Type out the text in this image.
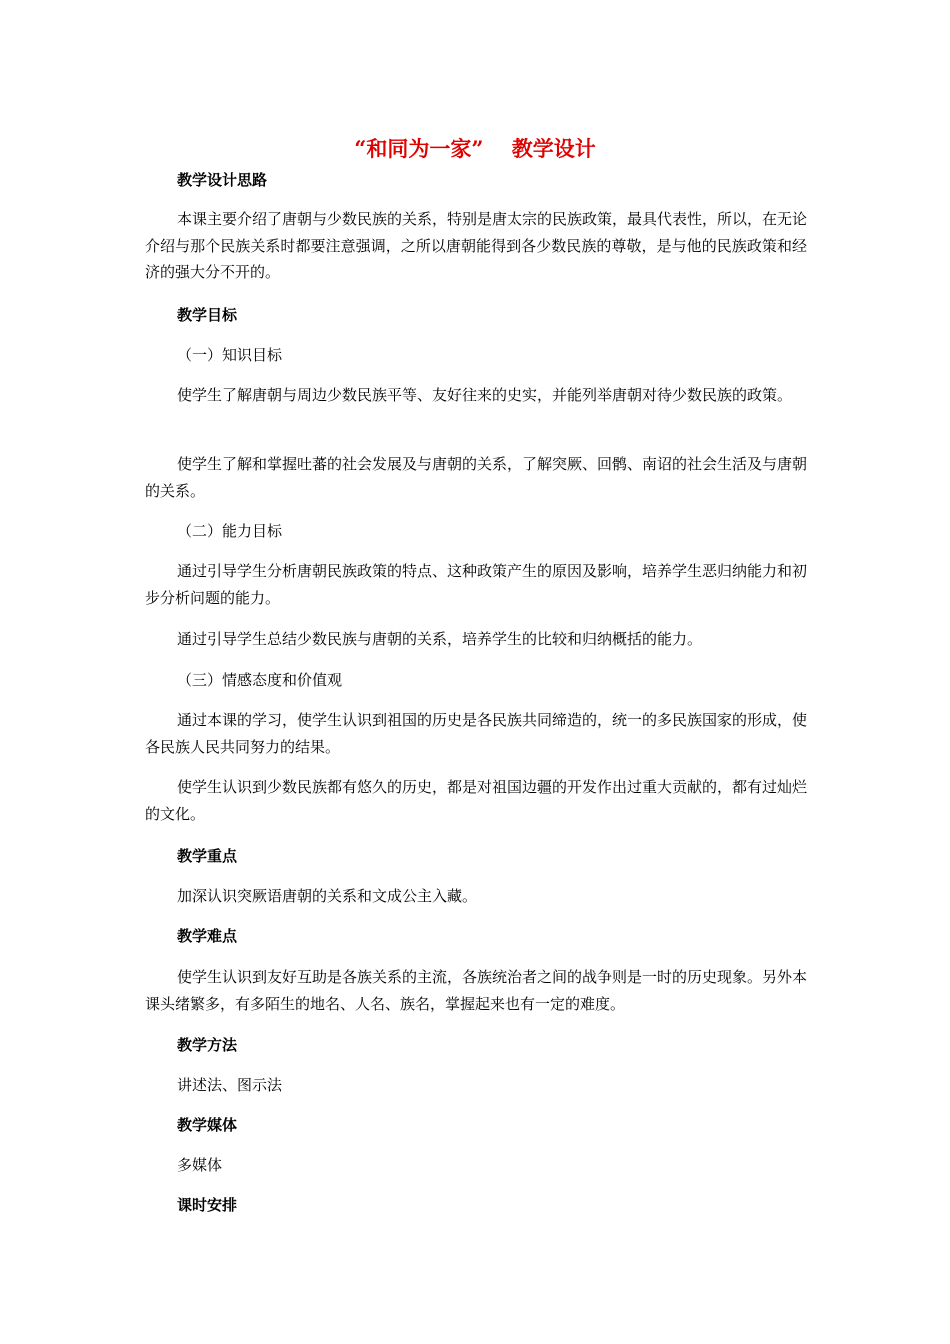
“和同为一家”　 教学设计
教学设计思路
本课主要介绍了唐朝与少数民族的关系，特别是唐太宗的民族政策，最具代表性，所以，在无论介绍与那个民族关系时都要注意强调，之所以唐朝能得到各少数民族的尊敬，是与他的民族政策和经济的强大分不开的。
教学目标
（一）知识目标
使学生了解唐朝与周边少数民族平等、友好往来的史实，并能列举唐朝对待少数民族的政策。
使学生了解和掌握吐蕃的社会发展及与唐朝的关系，了解突厥、回鹘、南诏的社会生活及与唐朝的关系。
（二）能力目标
通过引导学生分析唐朝民族政策的特点、这种政策产生的原因及影响，培养学生恶归纳能力和初步分析问题的能力。
通过引导学生总结少数民族与唐朝的关系，培养学生的比较和归纳概括的能力。
（三）情感态度和价值观
通过本课的学习，使学生认识到祖国的历史是各民族共同缔造的，统一的多民族国家的形成，使各民族人民共同努力的结果。
使学生认识到少数民族都有悠久的历史，都是对祖国边疆的开发作出过重大贡献的，都有过灿烂的文化。
教学重点
加深认识突厥语唐朝的关系和文成公主入藏。
教学难点
使学生认识到友好互助是各族关系的主流，各族统治者之间的战争则是一时的历史现象。另外本课头绪繁多，有多陌生的地名、人名、族名，掌握起来也有一定的难度。
教学方法
讲述法、图示法
教学媒体
多媒体
课时安排
